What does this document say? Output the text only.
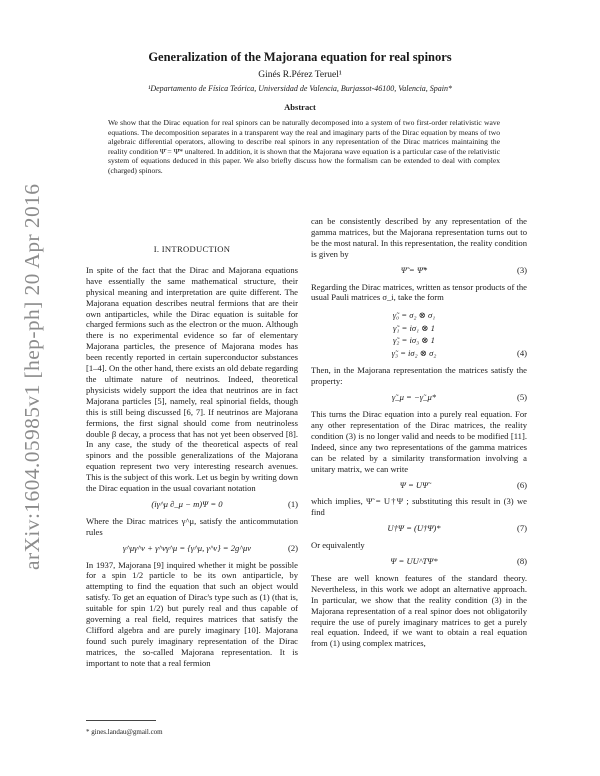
arXiv:1604.05985v1 [hep-ph] 20 Apr 2016
Generalization of the Majorana equation for real spinors
Ginés R.Pérez Teruel¹
¹Departamento de Física Teórica, Universidad de Valencia, Burjassot-46100, Valencia, Spain*
Abstract
We show that the Dirac equation for real spinors can be naturally decomposed into a system of two first-order relativistic wave equations. The decomposition separates in a transparent way the real and imaginary parts of the Dirac equation by means of two algebraic differential operators, allowing to describe real spinors in any representation of the Dirac matrices maintaining the reality condition Ψ̄ = Ψ̄* unaltered. In addition, it is shown that the Majorana wave equation is a particular case of the relativistic system of equations deduced in this paper. We also briefly discuss how the formalism can be extended to deal with complex (charged) spinors.
I. INTRODUCTION

In spite of the fact that the Dirac and Majorana equations have essentially the same mathematical structure, their physical meaning and interpretation are quite different. The Majorana equation describes neutral fermions that are their own antiparticles, while the Dirac equation is suitable for charged fermions such as the electron or the muon. Although there is no experimental evidence so far of elementary Majorana particles, the presence of Majorana modes has been recently reported in certain superconductor substances [1–4]. On the other hand, there exists an old debate regarding the ultimate nature of neutrinos. Indeed, theoretical physicists widely support the idea that neutrinos are in fact Majorana particles [5], namely, real spinorial fields, though this is still being discussed [6, 7]. If neutrinos are Majorana fermions, the first signal should come from neutrinoless double β decay, a process that has not yet been observed [8]. In any case, the study of the theoretical aspects of real spinors and the possible generalizations of the Majorana equation represent two very interesting research avenues. This is the subject of this work. Let us begin by writing down the Dirac equation in the usual covariant notation

(iγ^μ ∂_μ − m)Ψ = 0	(1)

Where the Dirac matrices γ^μ, satisfy the anticommutation rules

γ^μγ^ν + γ^νγ^μ = {γ^μ, γ^ν} = 2g^μν	(2)

In 1937, Majorana [9] inquired whether it might be possible for a spin 1/2 particle to be its own antiparticle, by attempting to find the equation that such an object would satisfy. To get an equation of Dirac's type such as (1) (that is, suitable for spin 1/2) but purely real and thus capable of governing a real field, requires matrices that satisfy the Clifford algebra and are purely imaginary [10]. Majorana found such purely imaginary representation of the Dirac matrices, the so-called Majorana representation. It is important to note that a real fermion

can be consistently described by any representation of the gamma matrices, but the Majorana representation turns out to be the most natural. In this representation, the reality condition is given by

Ψ̃ = Ψ̃*	(3)

Regarding the Dirac matrices, written as tensor products of the usual Pauli matrices σ_i, take the form

γ̃₀ = σ₂ ⊗ σ₁
γ̃₁ = iσ₁ ⊗ 1
γ̃₂ = iσ₃ ⊗ 1
γ̃₃ = iσ₂ ⊗ σ₂	(4)

Then, in the Majorana representation the matrices satisfy the property:

γ̃_μ = −γ̃_μ*	(5)

This turns the Dirac equation into a purely real equation. For any other representation of the Dirac matrices, the reality condition (3) is no longer valid and needs to be modified [11]. Indeed, since any two representations of the gamma matrices can be related by a similarity transformation involving a unitary matrix, we can write

Ψ = UΨ̃	(6)

which implies, Ψ̃ = U†Ψ ; substituting this result in (3) we find

U†Ψ = (U†Ψ)*	(7)

Or equivalently

Ψ = UU^TΨ*	(8)

These are well known features of the standard theory. Nevertheless, in this work we adopt an alternative approach. In particular, we show that the reality condition (3) in the Majorana representation of a real spinor does not obligatorily require the use of purely imaginary matrices to get a purely real equation. Indeed, if we want to obtain a real equation from (1) using complex matrices,

* gines.landau@gmail.com
